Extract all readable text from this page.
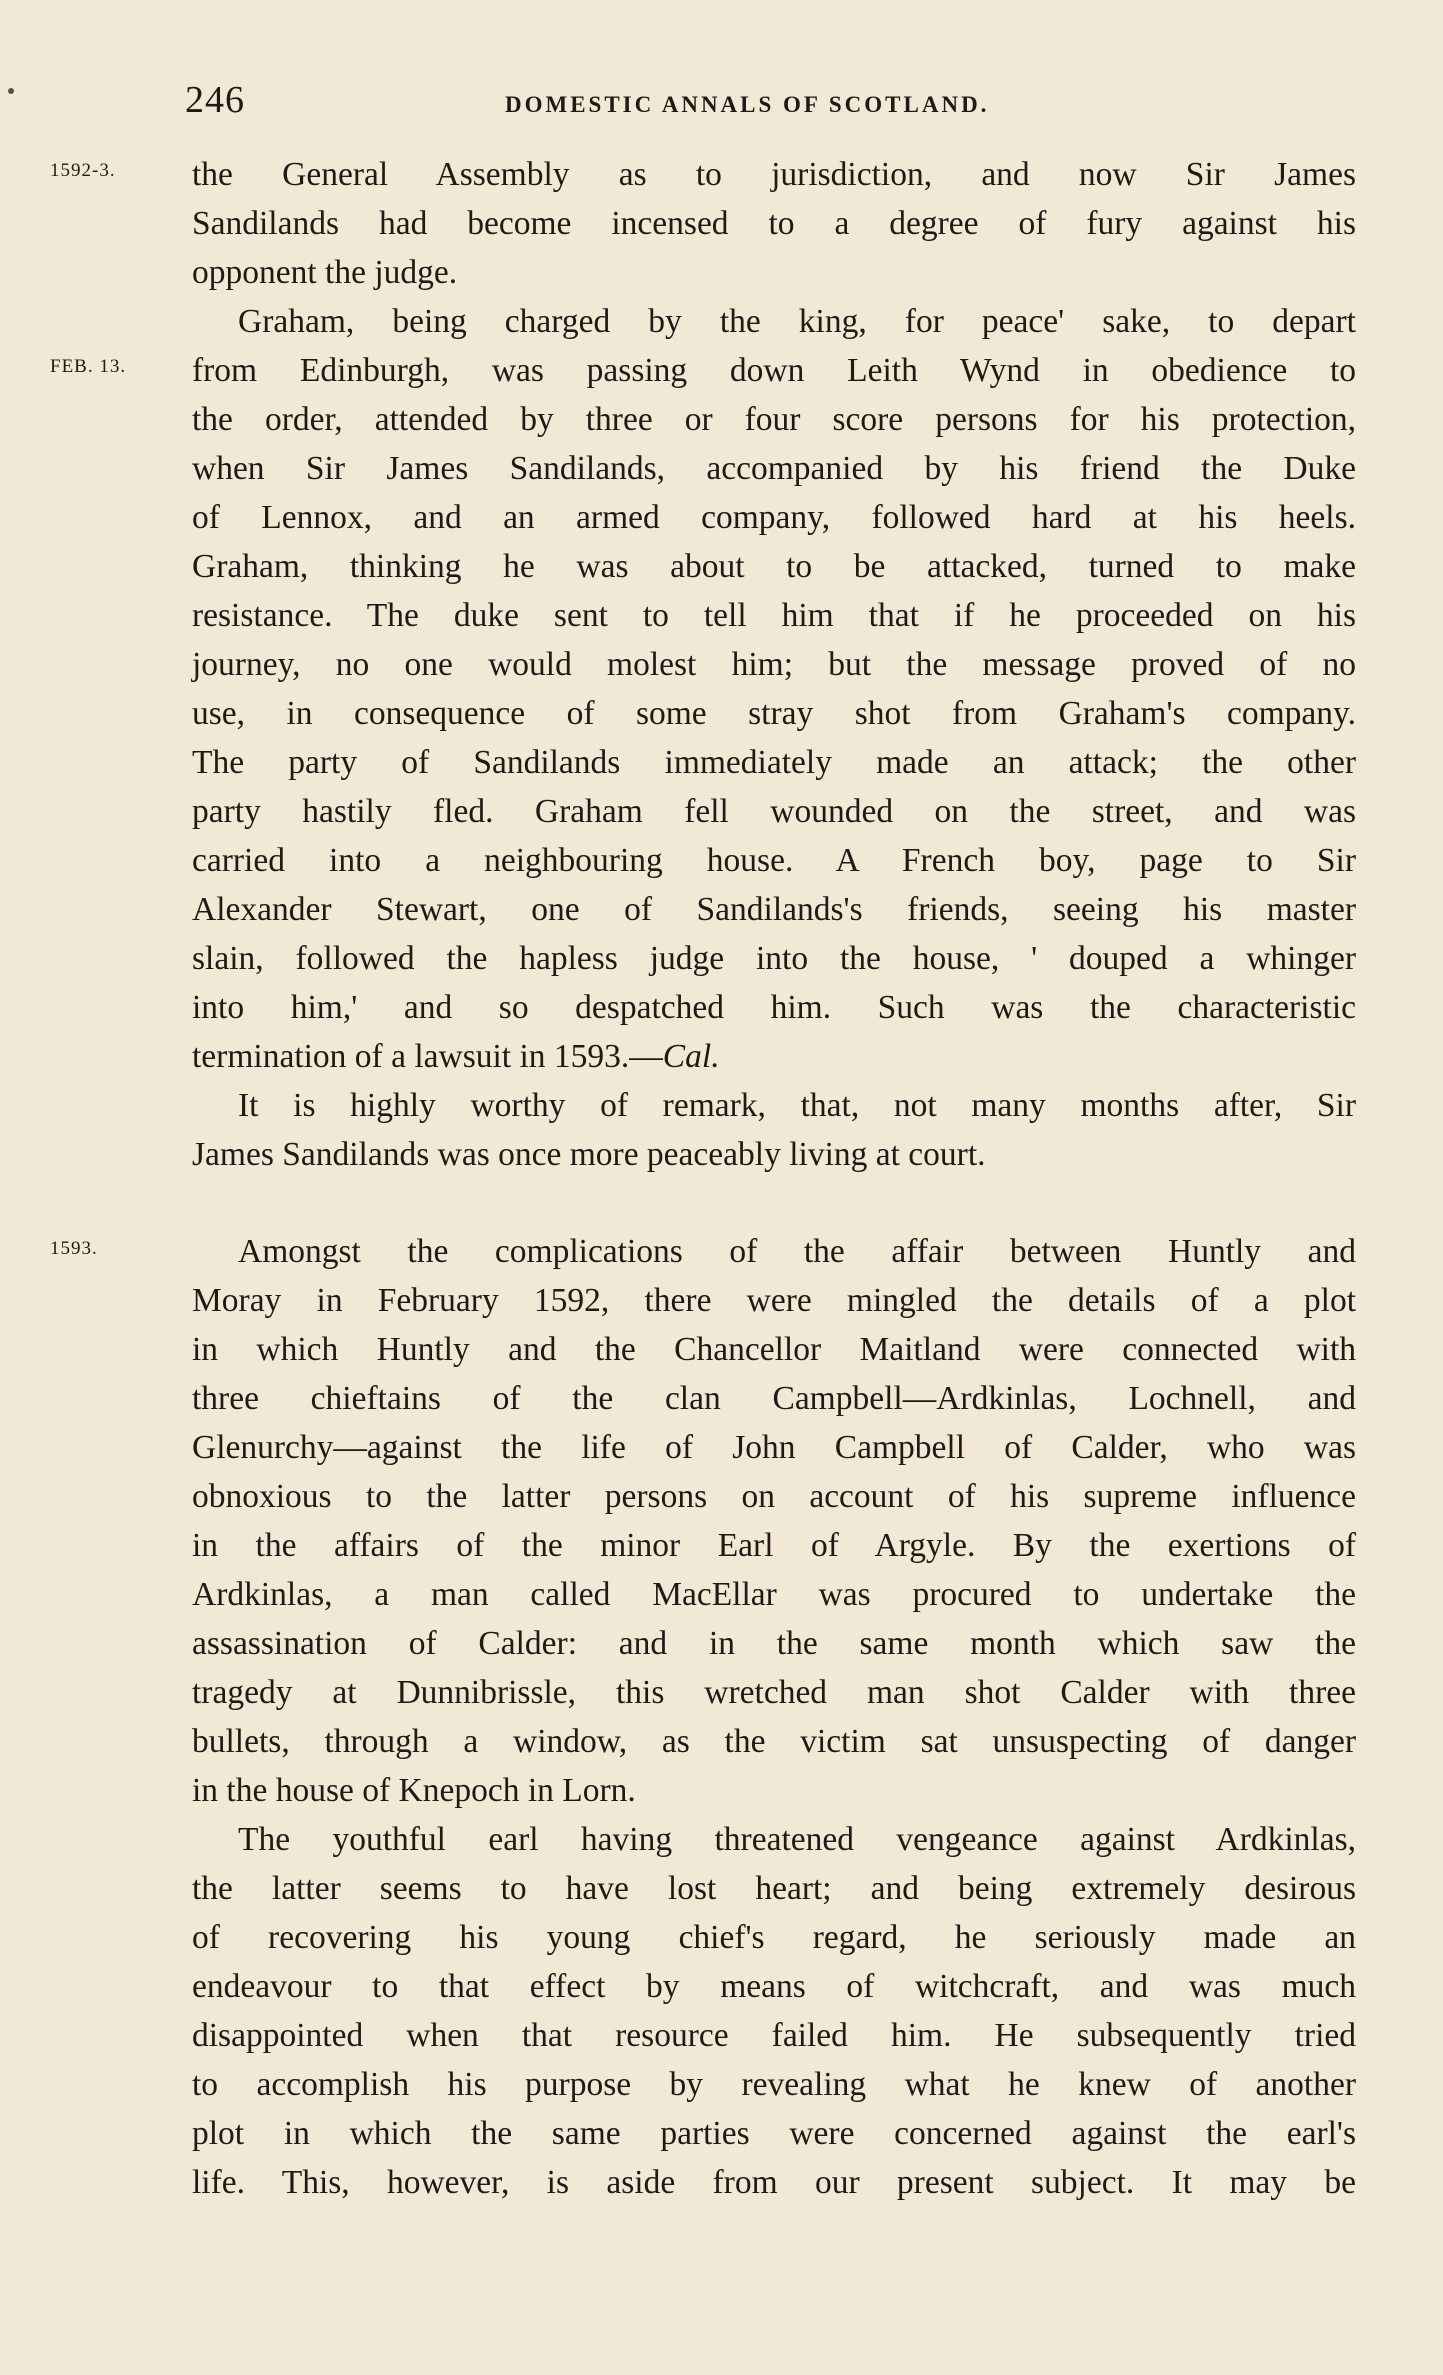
246	DOMESTIC ANNALS OF SCOTLAND.
1592-3.
FEB. 13.
1593.

the General Assembly as to jurisdiction, and now Sir James
Sandilands had become incensed to a degree of fury against his
opponent the judge.

Graham, being charged by the king, for peace' sake, to depart
from Edinburgh, was passing down Leith Wynd in obedience to
the order, attended by three or four score persons for his protection,
when Sir James Sandilands, accompanied by his friend the Duke
of Lennox, and an armed company, followed hard at his heels.
Graham, thinking he was about to be attacked, turned to make
resistance. The duke sent to tell him that if he proceeded on his
journey, no one would molest him; but the message proved of no
use, in consequence of some stray shot from Graham's company.
The party of Sandilands immediately made an attack; the other
party hastily fled. Graham fell wounded on the street, and was
carried into a neighbouring house. A French boy, page to Sir
Alexander Stewart, one of Sandilands's friends, seeing his master
slain, followed the hapless judge into the house, ' douped a whinger
into him,' and so despatched him. Such was the characteristic
termination of a lawsuit in 1593.—Cal.

It is highly worthy of remark, that, not many months after, Sir
James Sandilands was once more peaceably living at court.

Amongst the complications of the affair between Huntly and
Moray in February 1592, there were mingled the details of a plot
in which Huntly and the Chancellor Maitland were connected with
three chieftains of the clan Campbell—Ardkinlas, Lochnell, and
Glenurchy—against the life of John Campbell of Calder, who was
obnoxious to the latter persons on account of his supreme influence
in the affairs of the minor Earl of Argyle. By the exertions of
Ardkinlas, a man called MacEllar was procured to undertake the
assassination of Calder: and in the same month which saw the
tragedy at Dunnibrissle, this wretched man shot Calder with three
bullets, through a window, as the victim sat unsuspecting of danger
in the house of Knepoch in Lorn.

The youthful earl having threatened vengeance against Ardkinlas,
the latter seems to have lost heart; and being extremely desirous
of recovering his young chief's regard, he seriously made an
endeavour to that effect by means of witchcraft, and was much
disappointed when that resource failed him. He subsequently tried
to accomplish his purpose by revealing what he knew of another
plot in which the same parties were concerned against the earl's
life. This, however, is aside from our present subject. It may be
